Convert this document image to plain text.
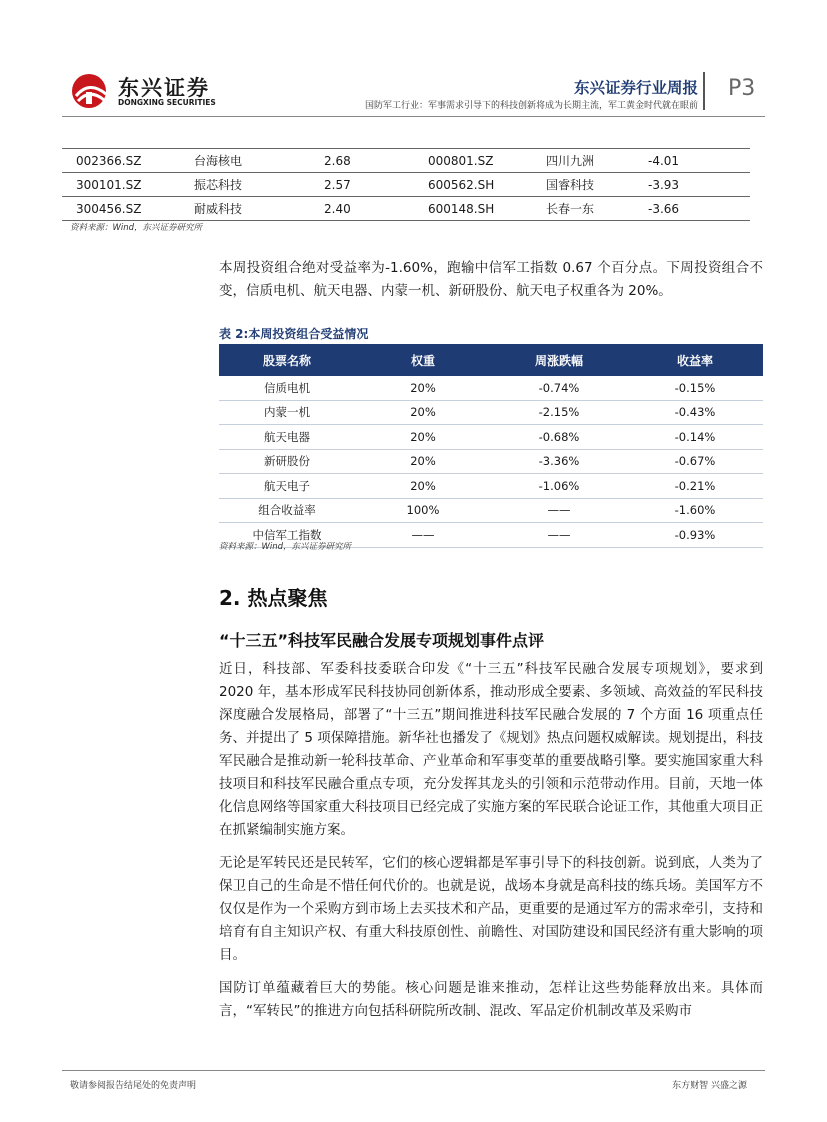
东兴证券
DONGXING SECURITIES
东兴证券行业周报
国防军工行业：军事需求引导下的科技创新将成为长期主流，军工黄金时代就在眼前
P3
002366.SZ	台海核电	2.68	000801.SZ	四川九洲	-4.01
300101.SZ	振芯科技	2.57	600562.SH	国睿科技	-3.93
300456.SZ	耐威科技	2.40	600148.SH	长春一东	-3.66
资料来源：Wind，东兴证券研究所

本周投资组合绝对受益率为-1.60%，跑输中信军工指数 0.67 个百分点。下周投资组合不变，信质电机、航天电器、内蒙一机、新研股份、航天电子权重各为 20%。

表 2:本周投资组合受益情况
股票名称	权重	周涨跌幅	收益率
信质电机	20%	-0.74%	-0.15%
内蒙一机	20%	-2.15%	-0.43%
航天电器	20%	-0.68%	-0.14%
新研股份	20%	-3.36%	-0.67%
航天电子	20%	-1.06%	-0.21%
组合收益率	100%	——	-1.60%
中信军工指数	——	——	-0.93%
资料来源：Wind，东兴证券研究所
2. 热点聚焦
“十三五”科技军民融合发展专项规划事件点评

近日，科技部、军委科技委联合印发《“十三五”科技军民融合发展专项规划》，要求到 2020 年，基本形成军民科技协同创新体系，推动形成全要素、多领域、高效益的军民科技深度融合发展格局，部署了“十三五”期间推进科技军民融合发展的 7 个方面 16 项重点任务、并提出了 5 项保障措施。新华社也播发了《规划》热点问题权威解读。规划提出，科技军民融合是推动新一轮科技革命、产业革命和军事变革的重要战略引擎。要实施国家重大科技项目和科技军民融合重点专项，充分发挥其龙头的引领和示范带动作用。目前，天地一体化信息网络等国家重大科技项目已经完成了实施方案的军民联合论证工作，其他重大项目正在抓紧编制实施方案。

无论是军转民还是民转军，它们的核心逻辑都是军事引导下的科技创新。说到底，人类为了保卫自己的生命是不惜任何代价的。也就是说，战场本身就是高科技的练兵场。美国军方不仅仅是作为一个采购方到市场上去买技术和产品，更重要的是通过军方的需求牵引，支持和培育有自主知识产权、有重大科技原创性、前瞻性、对国防建设和国民经济有重大影响的项目。

国防订单蕴藏着巨大的势能。核心问题是谁来推动，怎样让这些势能释放出来。具体而言，“军转民”的推进方向包括科研院所改制、混改、军品定价机制改革及采购市

敬请参阅报告结尾处的免责声明	东方财智 兴盛之源
